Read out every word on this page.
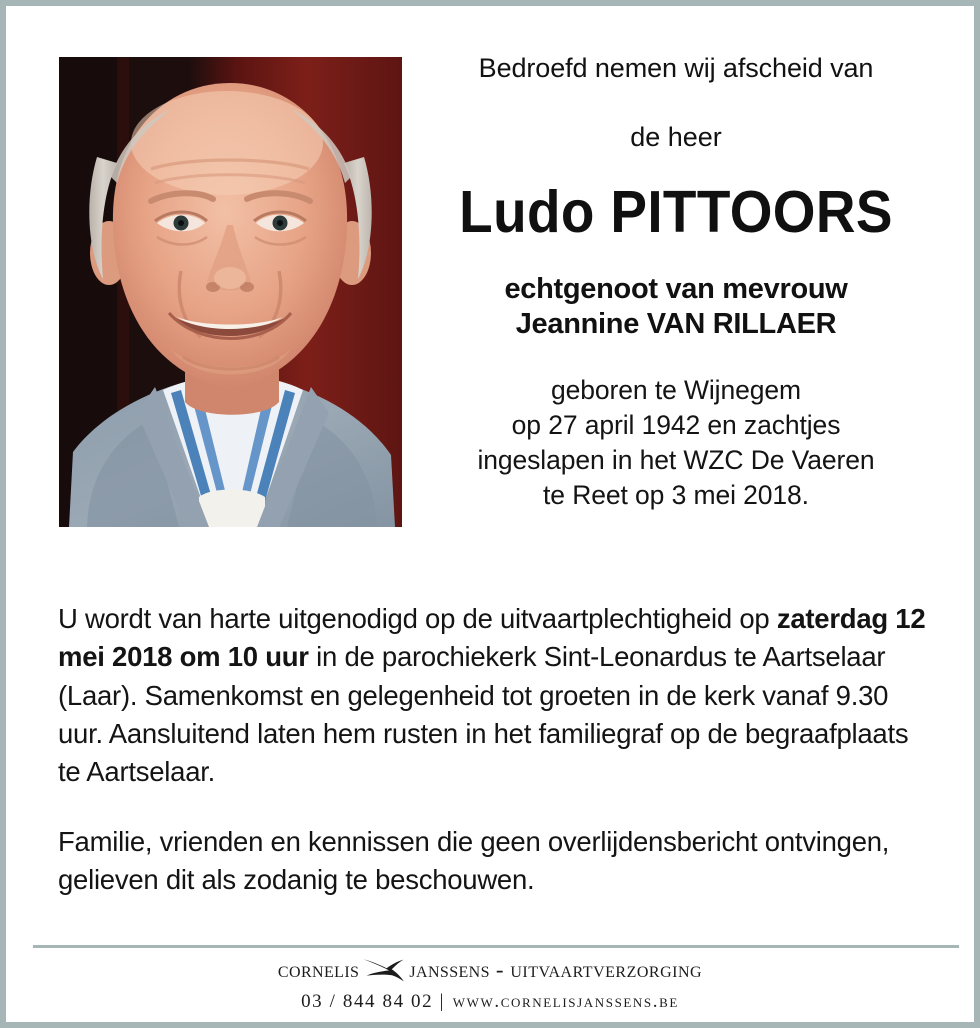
Bedroefd nemen wij afscheid van
de heer
Ludo PITTOORS
echtgenoot van mevrouw
Jeannine VAN RILLAER
geboren te Wijnegem
op 27 april 1942 en zachtjes
ingeslapen in het WZC De Vaeren
te Reet op 3 mei 2018.

U wordt van harte uitgenodigd op de uitvaartplechtigheid op zaterdag 12 mei 2018 om 10 uur in de parochiekerk Sint-Leonardus te Aartselaar (Laar). Samenkomst en gelegenheid tot groeten in de kerk vanaf 9.30 uur. Aansluitend laten hem rusten in het familiegraf op de begraafplaats te Aartselaar.

Familie, vrienden en kennissen die geen overlijdensbericht ontvingen, gelieven dit als zodanig te beschouwen.

cornelis janssens - uitvaartverzorging
03 / 844 84 02 | www.cornelisjanssens.be
